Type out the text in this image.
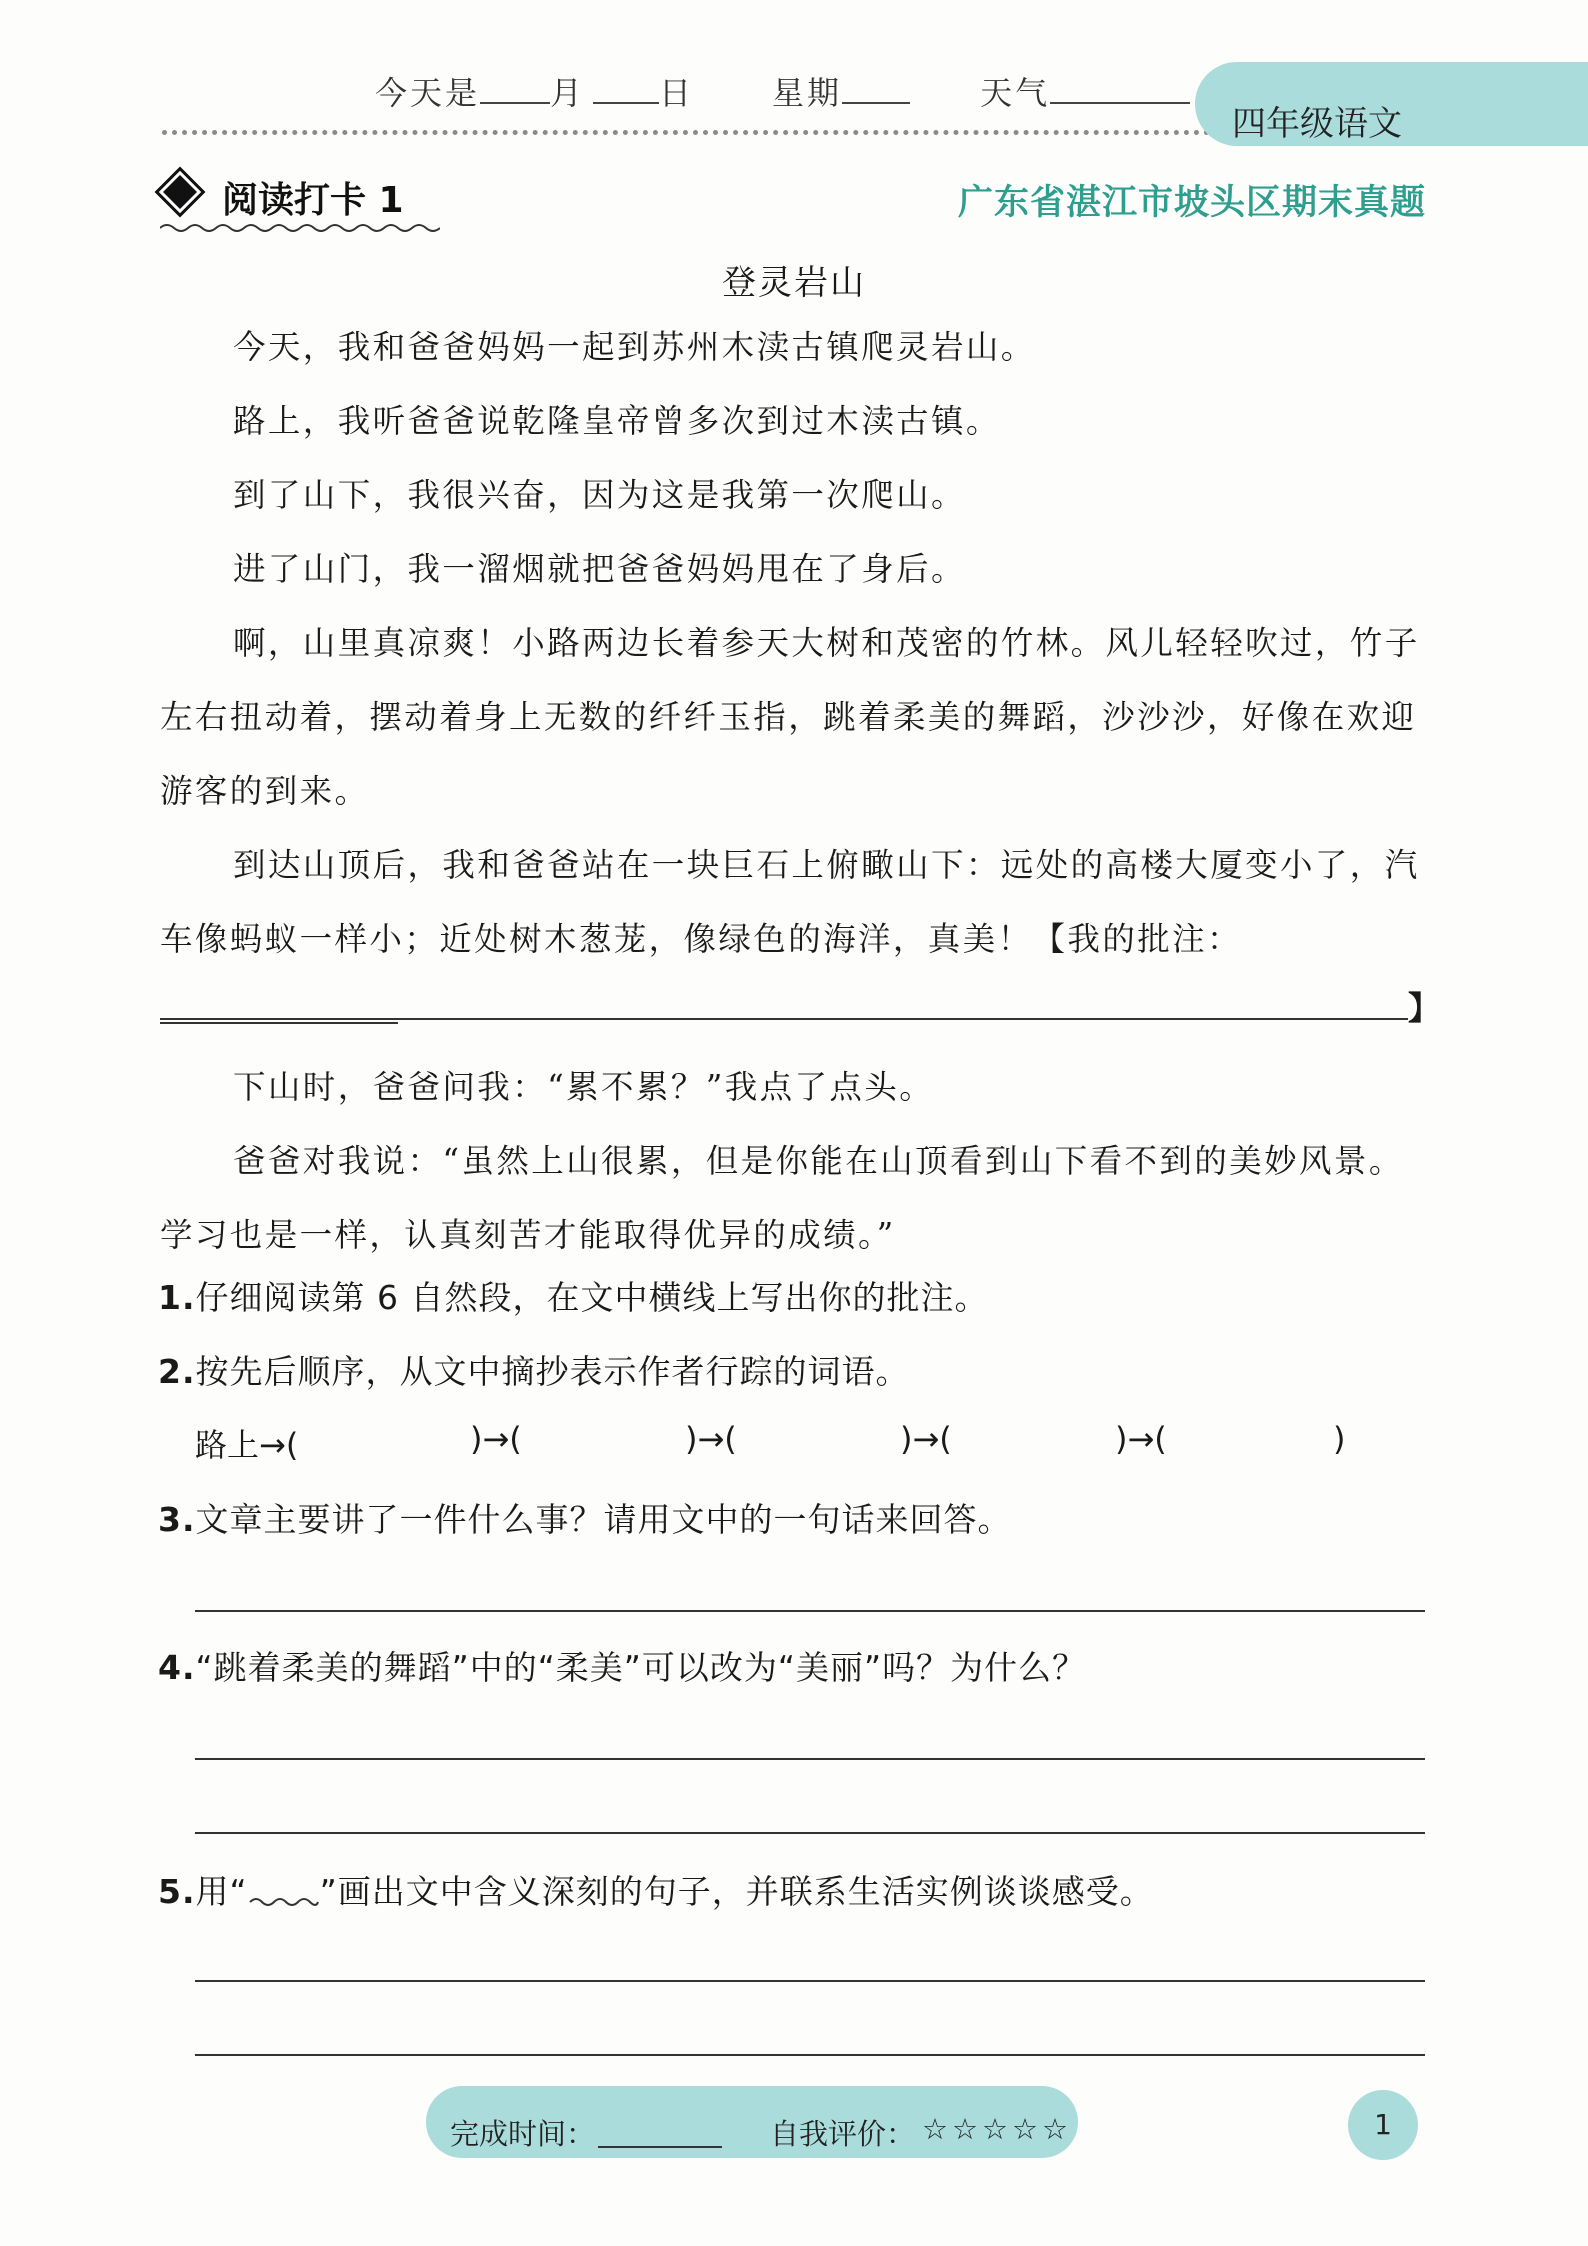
今天是 月 日 星期	天气
四年级语文
阅读打卡 1	广东省湛江市坡头区期末真题
登灵岩山
今天，我和爸爸妈妈一起到苏州木渎古镇爬灵岩山。
路上，我听爸爸说乾隆皇帝曾多次到过木渎古镇。
到了山下，我很兴奋，因为这是我第一次爬山。
进了山门，我一溜烟就把爸爸妈妈甩在了身后。
啊，山里真凉爽！小路两边长着参天大树和茂密的竹林。风儿轻轻吹过，竹子左右扭动着，摆动着身上无数的纤纤玉指，跳着柔美的舞蹈，沙沙沙，好像在欢迎游客的到来。
到达山顶后，我和爸爸站在一块巨石上俯瞰山下：远处的高楼大厦变小了，汽车像蚂蚁一样小；近处树木葱茏，像绿色的海洋，真美！【我的批注：
】
下山时，爸爸问我：“累不累？”我点了点头。
爸爸对我说：“虽然上山很累，但是你能在山顶看到山下看不到的美妙风景。学习也是一样，认真刻苦才能取得优异的成绩。”
1.仔细阅读第 6 自然段，在文中横线上写出你的批注。
2.按先后顺序，从文中摘抄表示作者行踪的词语。
路上→(	)→(	)→(	)→(	)→(	)
3.文章主要讲了一件什么事？请用文中的一句话来回答。
4.“跳着柔美的舞蹈”中的“柔美”可以改为“美丽”吗？为什么？
5.用“ ”画出文中含义深刻的句子，并联系生活实例谈谈感受。
完成时间：	自我评价： ☆☆☆☆☆	1
